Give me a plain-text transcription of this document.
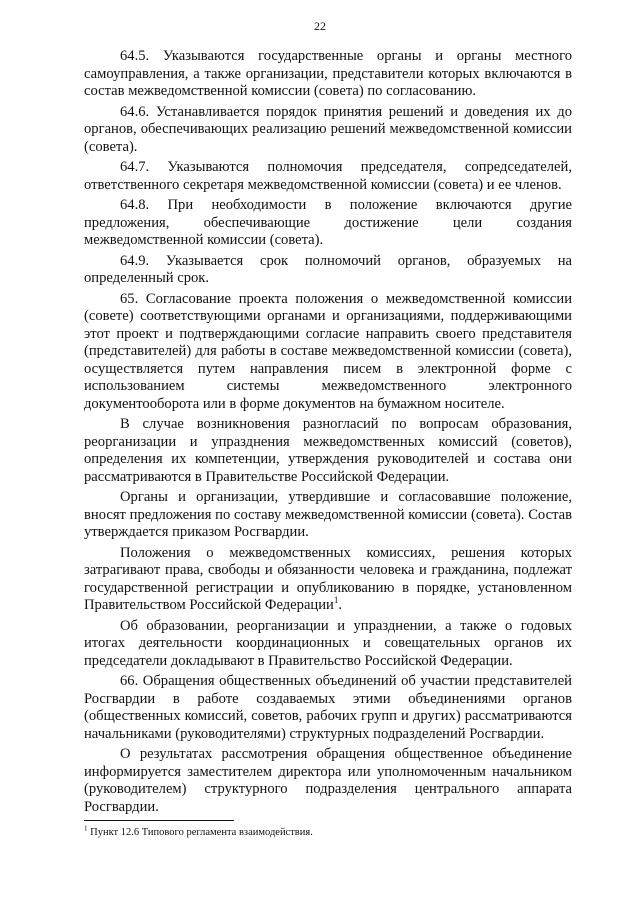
22

64.5. Указываются государственные органы и органы местного самоуправления, а также организации, представители которых включаются в состав межведомственной комиссии (совета) по согласованию.

64.6. Устанавливается порядок принятия решений и доведения их до органов, обеспечивающих реализацию решений межведомственной комиссии (совета).

64.7. Указываются полномочия председателя, сопредседателей, ответственного секретаря межведомственной комиссии (совета) и ее членов.

64.8. При необходимости в положение включаются другие предложения, обеспечивающие достижение цели создания межведомственной комиссии (совета).

64.9. Указывается срок полномочий органов, образуемых на определенный срок.

65. Согласование проекта положения о межведомственной комиссии (совете) соответствующими органами и организациями, поддерживающими этот проект и подтверждающими согласие направить своего представителя (представителей) для работы в составе межведомственной комиссии (совета), осуществляется путем направления писем в электронной форме с использованием системы межведомственного электронного документооборота или в форме документов на бумажном носителе.

В случае возникновения разногласий по вопросам образования, реорганизации и упразднения межведомственных комиссий (советов), определения их компетенции, утверждения руководителей и состава они рассматриваются в Правительстве Российской Федерации.

Органы и организации, утвердившие и согласовавшие положение, вносят предложения по составу межведомственной комиссии (совета). Состав утверждается приказом Росгвардии.

Положения о межведомственных комиссиях, решения которых затрагивают права, свободы и обязанности человека и гражданина, подлежат государственной регистрации и опубликованию в порядке, установленном Правительством Российской Федерации$^1$.

Об образовании, реорганизации и упразднении, а также о годовых итогах деятельности координационных и совещательных органов их председатели докладывают в Правительство Российской Федерации.

66. Обращения общественных объединений об участии представителей Росгвардии в работе создаваемых этими объединениями органов (общественных комиссий, советов, рабочих групп и других) рассматриваются начальниками (руководителями) структурных подразделений Росгвардии.

О результатах рассмотрения обращения общественное объединение информируется заместителем директора или уполномоченным начальником (руководителем) структурного подразделения центрального аппарата Росгвардии.

$^1$ Пункт 12.6 Типового регламента взаимодействия.
